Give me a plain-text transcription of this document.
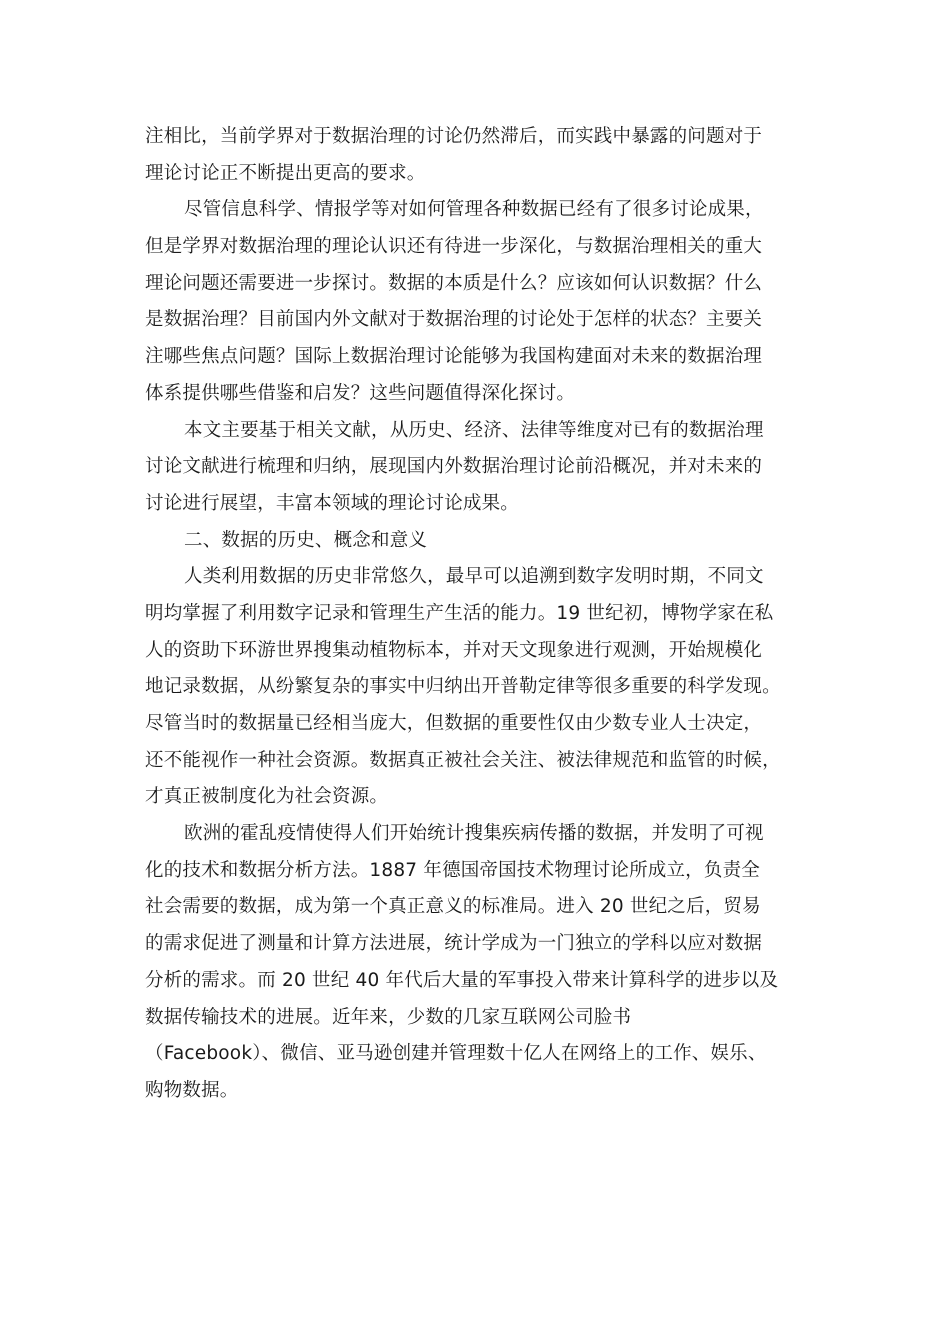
注相比，当前学界对于数据治理的讨论仍然滞后，而实践中暴露的问题对于
理论讨论正不断提出更高的要求。
尽管信息科学、情报学等对如何管理各种数据已经有了很多讨论成果，
但是学界对数据治理的理论认识还有待进一步深化，与数据治理相关的重大
理论问题还需要进一步探讨。数据的本质是什么？应该如何认识数据？什么
是数据治理？目前国内外文献对于数据治理的讨论处于怎样的状态？主要关
注哪些焦点问题？国际上数据治理讨论能够为我国构建面对未来的数据治理
体系提供哪些借鉴和启发？这些问题值得深化探讨。
本文主要基于相关文献，从历史、经济、法律等维度对已有的数据治理
讨论文献进行梳理和归纳，展现国内外数据治理讨论前沿概况，并对未来的
讨论进行展望，丰富本领域的理论讨论成果。
二、数据的历史、概念和意义
人类利用数据的历史非常悠久，最早可以追溯到数字发明时期，不同文
明均掌握了利用数字记录和管理生产生活的能力。19 世纪初，博物学家在私
人的资助下环游世界搜集动植物标本，并对天文现象进行观测，开始规模化
地记录数据，从纷繁复杂的事实中归纳出开普勒定律等很多重要的科学发现。
尽管当时的数据量已经相当庞大，但数据的重要性仅由少数专业人士决定，
还不能视作一种社会资源。数据真正被社会关注、被法律规范和监管的时候，
才真正被制度化为社会资源。
欧洲的霍乱疫情使得人们开始统计搜集疾病传播的数据，并发明了可视
化的技术和数据分析方法。1887 年德国帝国技术物理讨论所成立，负责全
社会需要的数据，成为第一个真正意义的标准局。进入 20 世纪之后，贸易
的需求促进了测量和计算方法进展，统计学成为一门独立的学科以应对数据
分析的需求。而 20 世纪 40 年代后大量的军事投入带来计算科学的进步以及
数据传输技术的进展。近年来，少数的几家互联网公司脸书
（Facebook）、微信、亚马逊创建并管理数十亿人在网络上的工作、娱乐、
购物数据。
